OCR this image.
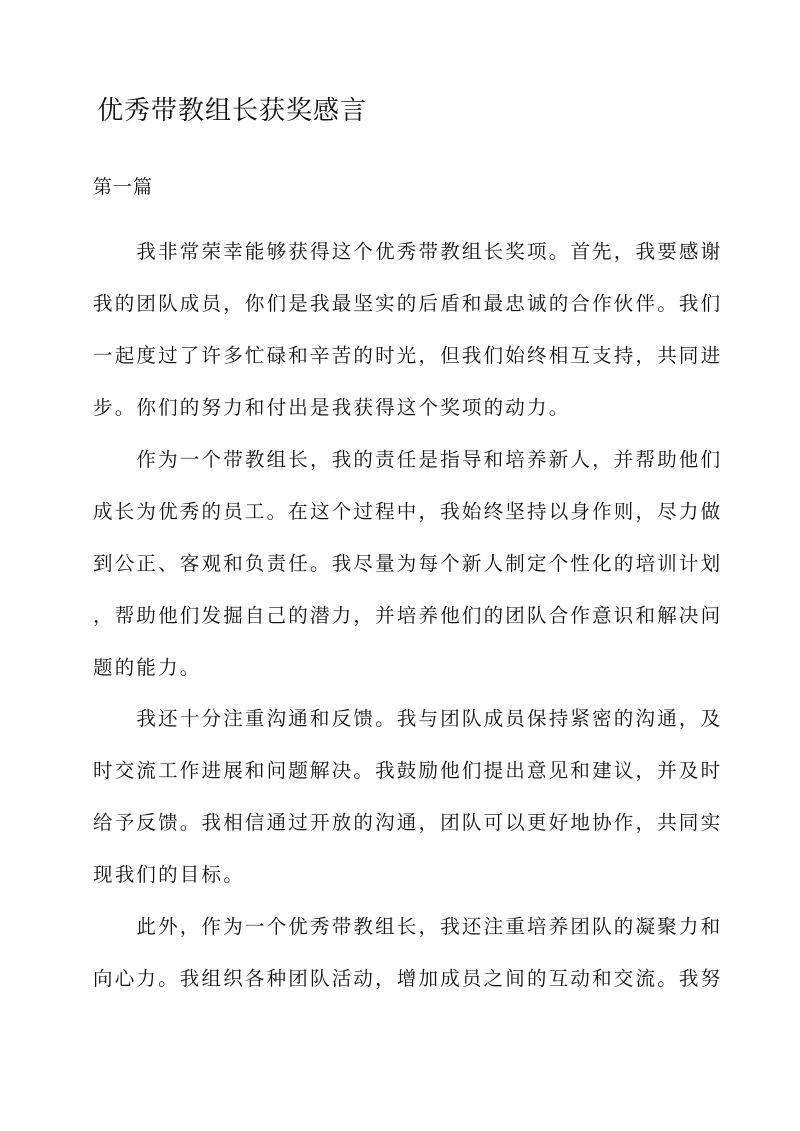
优秀带教组长获奖感言
第一篇

　　我非常荣幸能够获得这个优秀带教组长奖项。首先，我要感谢
我的团队成员，你们是我最坚实的后盾和最忠诚的合作伙伴。我们
一起度过了许多忙碌和辛苦的时光，但我们始终相互支持，共同进
步。你们的努力和付出是我获得这个奖项的动力。

　　作为一个带教组长，我的责任是指导和培养新人，并帮助他们
成长为优秀的员工。在这个过程中，我始终坚持以身作则，尽力做
到公正、客观和负责任。我尽量为每个新人制定个性化的培训计划
，帮助他们发掘自己的潜力，并培养他们的团队合作意识和解决问
题的能力。

　　我还十分注重沟通和反馈。我与团队成员保持紧密的沟通，及
时交流工作进展和问题解决。我鼓励他们提出意见和建议，并及时
给予反馈。我相信通过开放的沟通，团队可以更好地协作，共同实
现我们的目标。

　　此外，作为一个优秀带教组长，我还注重培养团队的凝聚力和
向心力。我组织各种团队活动，增加成员之间的互动和交流。我努
